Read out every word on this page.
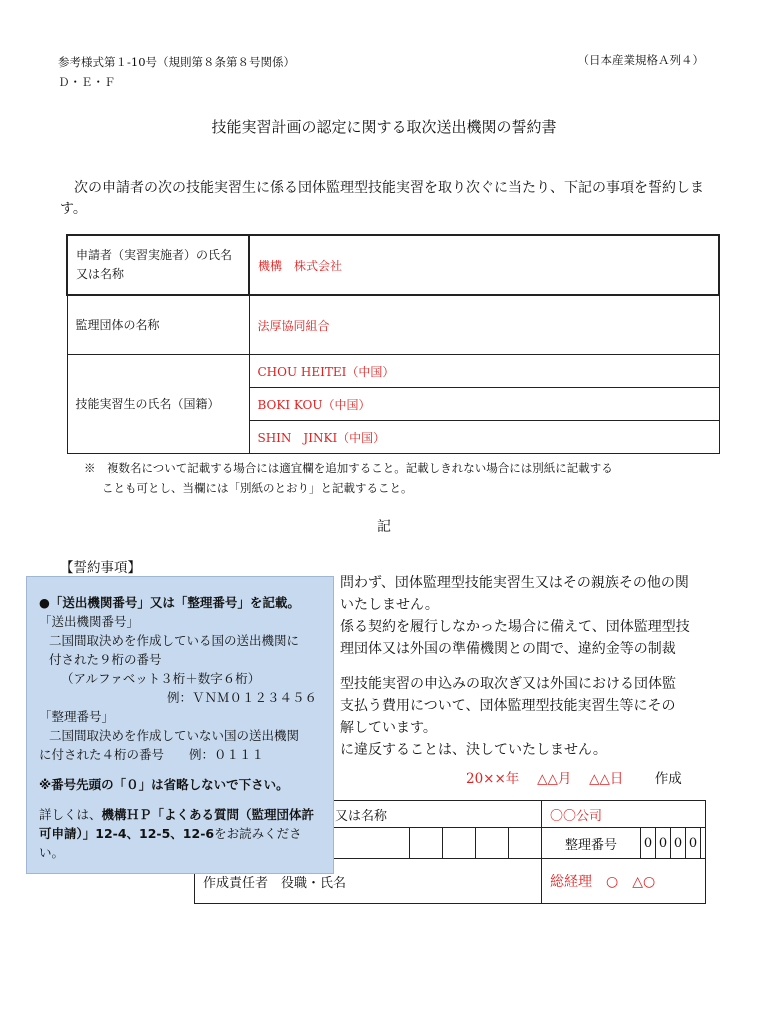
参考様式第１-10号（規則第８条第８号関係）
Ｄ・Ｅ・Ｆ
（日本産業規格Ａ列４）
技能実習計画の認定に関する取次送出機関の誓約書
次の申請者の次の技能実習生に係る団体監理型技能実習を取り次ぐに当たり、下記の事項を誓約します。
申請者（実習実施者）の氏名又は名称	機構　株式会社
監理団体の名称	法厚協同組合
技能実習生の氏名（国籍）	CHOU HEITEI（中国）
	BOKI KOU（中国）
	SHIN　JINKI（中国）
※　複数名について記載する場合には適宜欄を追加すること。記載しきれない場合には別紙に記載する
ことも可とし、当欄には「別紙のとおり」と記載すること。
記
【誓約事項】
問わず、団体監理型技能実習生又はその親族その他の関
いたしません。
係る契約を履行しなかった場合に備えて、団体監理型技
理団体又は外国の準備機関との間で、違約金等の制裁
型技能実習の申込みの取次ぎ又は外国における団体監
支払う費用について、団体監理型技能実習生等にその
解しています。
に違反することは、決していたしません。
20××年　 △△月　 △△日 　　 作成
又は名称	〇〇公司					

	整理番号	0	0	0	0	
作成責任者　役職・氏名	総経理　○　△○					
●「送出機関番号」又は「整理番号」を記載。
「送出機関番号」
二国間取決めを作成している国の送出機関に
付された９桁の番号
（アルファベット３桁＋数字６桁）
例：ＶＮＭ０１２３４５６
「整理番号」
二国間取決めを作成していない国の送出機関
に付された４桁の番号　　例：０１１１
※番号先頭の「０」は省略しないで下さい。
詳しくは、機構ＨＰ「よくある質問（監理団体許
可申請）」12-4、12-5、12-6をお読みください。
